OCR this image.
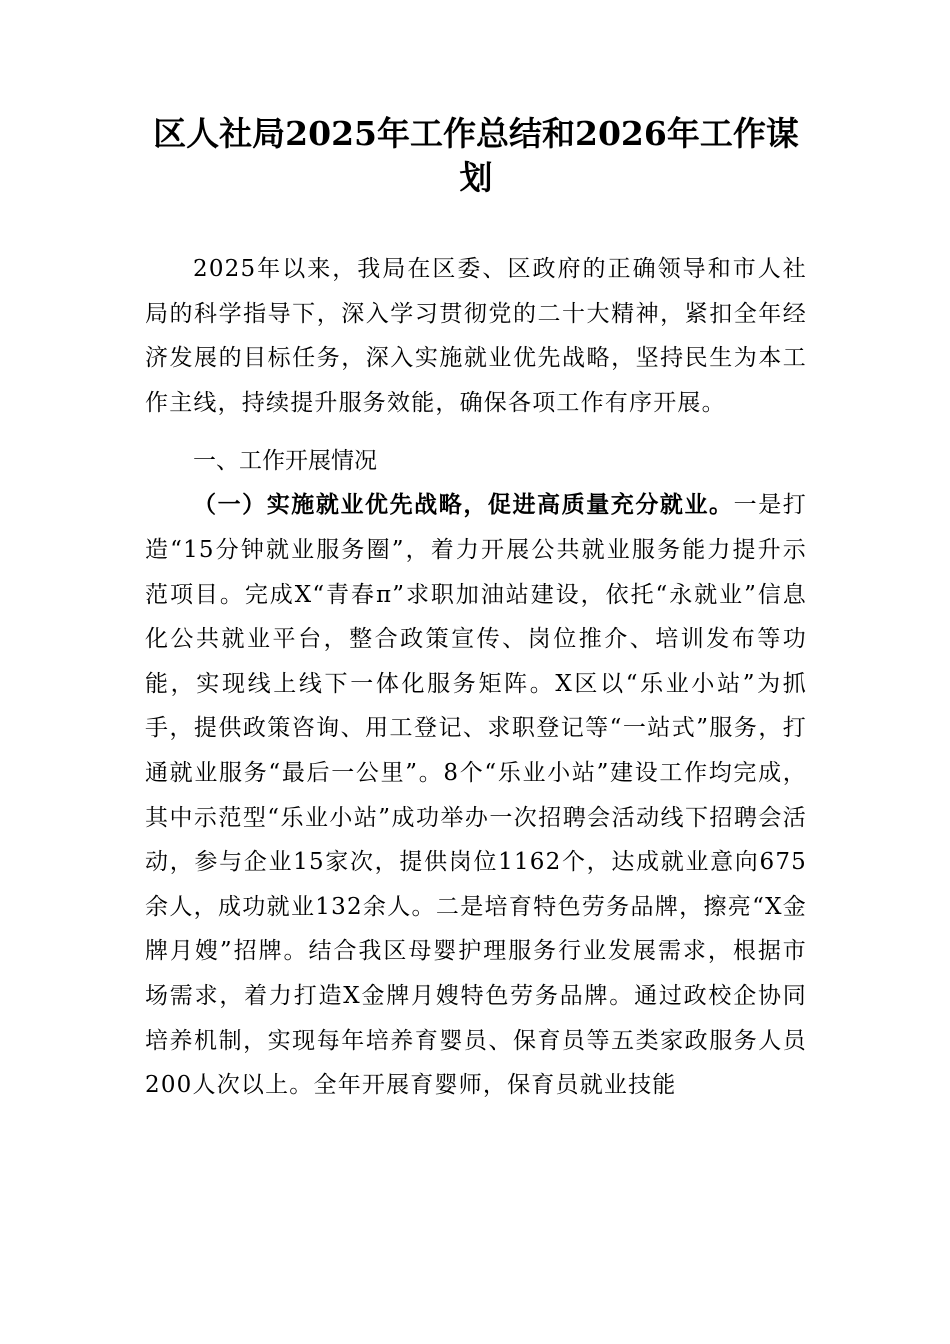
区人社局2025年工作总结和2026年工作谋
划

2025年以来，我局在区委、区政府的正确领导和市人社局的科学指导下，深入学习贯彻党的二十大精神，紧扣全年经济发展的目标任务，深入实施就业优先战略，坚持民生为本工作主线，持续提升服务效能，确保各项工作有序开展。

一、工作开展情况

（一）实施就业优先战略，促进高质量充分就业。一是打造“15分钟就业服务圈”，着力开展公共就业服务能力提升示范项目。完成X“青春π”求职加油站建设，依托“永就业”信息化公共就业平台，整合政策宣传、岗位推介、培训发布等功能，实现线上线下一体化服务矩阵。X区以“乐业小站”为抓手，提供政策咨询、用工登记、求职登记等“一站式”服务，打通就业服务“最后一公里”。8个“乐业小站”建设工作均完成，其中示范型“乐业小站”成功举办一次招聘会活动线下招聘会活动，参与企业15家次，提供岗位1162个，达成就业意向675余人，成功就业132余人。二是培育特色劳务品牌，擦亮“X金牌月嫂”招牌。结合我区母婴护理服务行业发展需求，根据市场需求，着力打造X金牌月嫂特色劳务品牌。通过政校企协同培养机制，实现每年培养育婴员、保育员等五类家政服务人员200人次以上。全年开展育婴师，保育员就业技能
